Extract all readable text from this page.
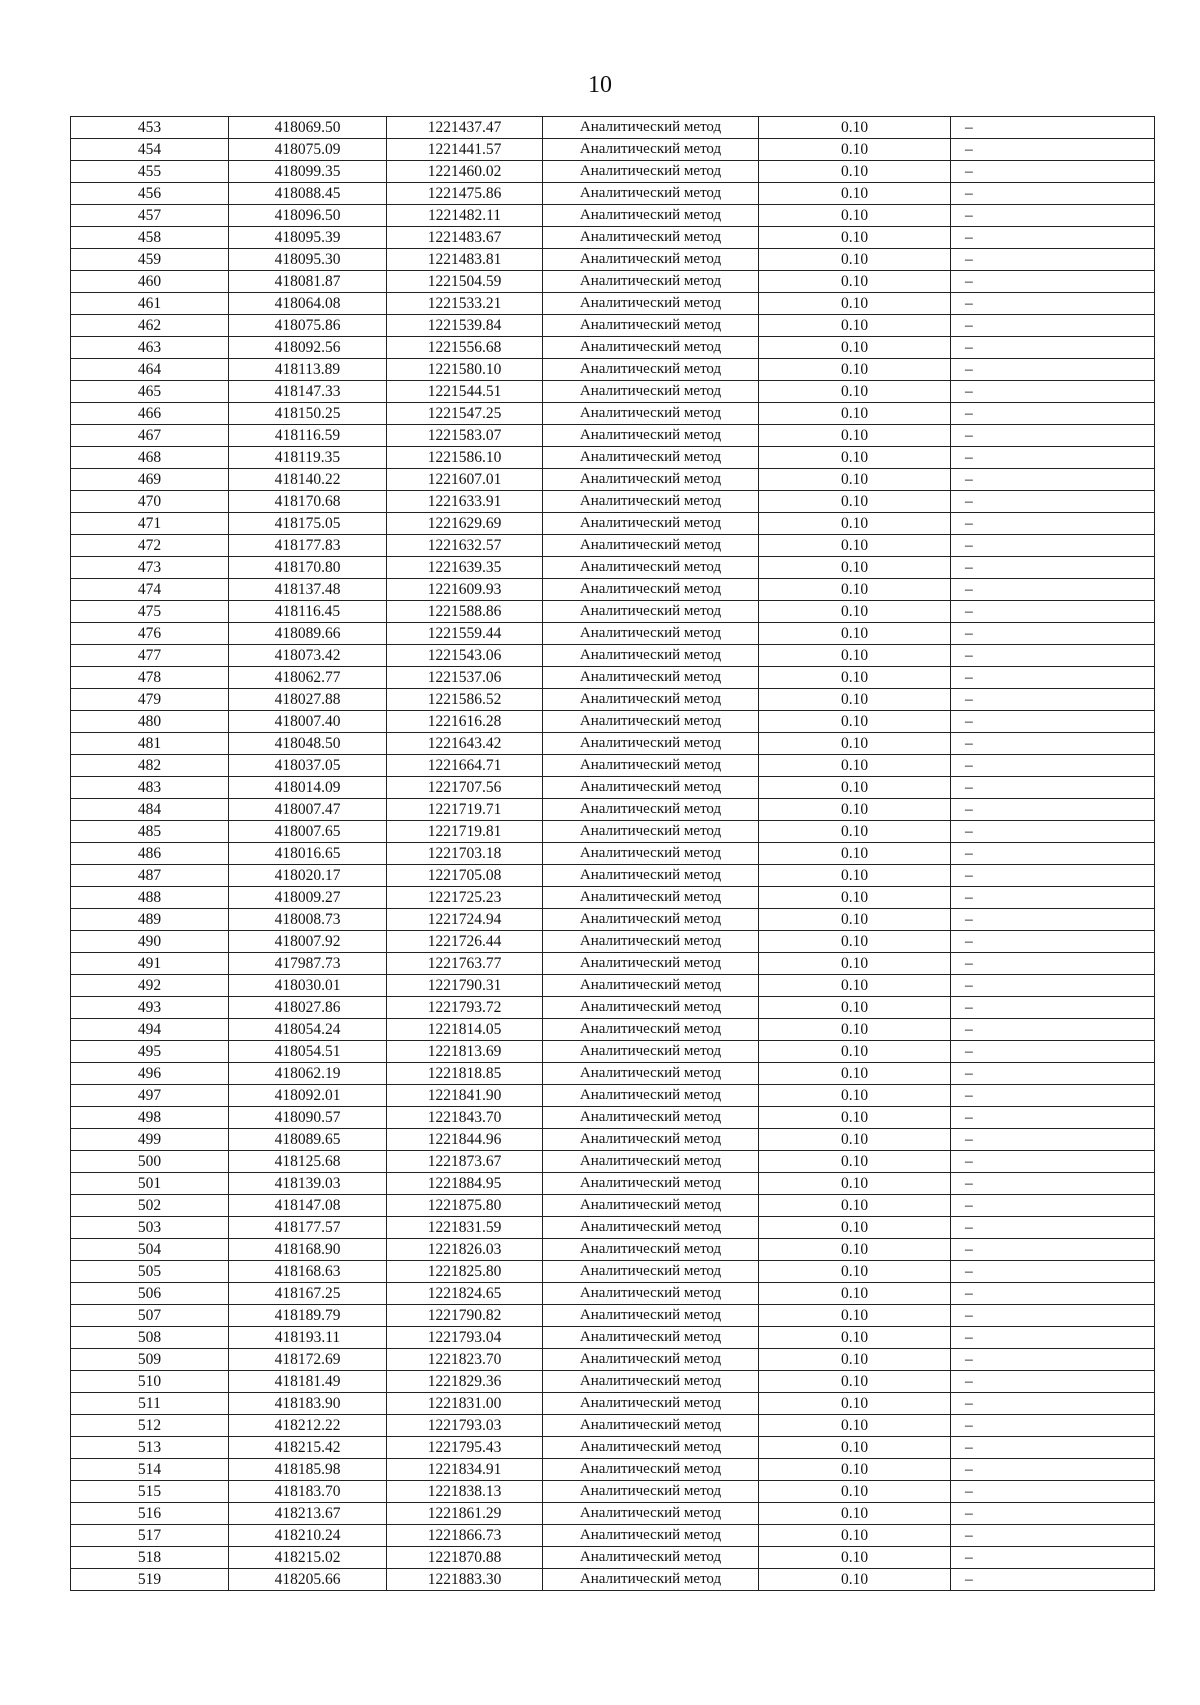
10
453	418069.50	1221437.47	Аналитический метод	0.10	–
454	418075.09	1221441.57	Аналитический метод	0.10	–
455	418099.35	1221460.02	Аналитический метод	0.10	–
456	418088.45	1221475.86	Аналитический метод	0.10	–
457	418096.50	1221482.11	Аналитический метод	0.10	–
458	418095.39	1221483.67	Аналитический метод	0.10	–
459	418095.30	1221483.81	Аналитический метод	0.10	–
460	418081.87	1221504.59	Аналитический метод	0.10	–
461	418064.08	1221533.21	Аналитический метод	0.10	–
462	418075.86	1221539.84	Аналитический метод	0.10	–
463	418092.56	1221556.68	Аналитический метод	0.10	–
464	418113.89	1221580.10	Аналитический метод	0.10	–
465	418147.33	1221544.51	Аналитический метод	0.10	–
466	418150.25	1221547.25	Аналитический метод	0.10	–
467	418116.59	1221583.07	Аналитический метод	0.10	–
468	418119.35	1221586.10	Аналитический метод	0.10	–
469	418140.22	1221607.01	Аналитический метод	0.10	–
470	418170.68	1221633.91	Аналитический метод	0.10	–
471	418175.05	1221629.69	Аналитический метод	0.10	–
472	418177.83	1221632.57	Аналитический метод	0.10	–
473	418170.80	1221639.35	Аналитический метод	0.10	–
474	418137.48	1221609.93	Аналитический метод	0.10	–
475	418116.45	1221588.86	Аналитический метод	0.10	–
476	418089.66	1221559.44	Аналитический метод	0.10	–
477	418073.42	1221543.06	Аналитический метод	0.10	–
478	418062.77	1221537.06	Аналитический метод	0.10	–
479	418027.88	1221586.52	Аналитический метод	0.10	–
480	418007.40	1221616.28	Аналитический метод	0.10	–
481	418048.50	1221643.42	Аналитический метод	0.10	–
482	418037.05	1221664.71	Аналитический метод	0.10	–
483	418014.09	1221707.56	Аналитический метод	0.10	–
484	418007.47	1221719.71	Аналитический метод	0.10	–
485	418007.65	1221719.81	Аналитический метод	0.10	–
486	418016.65	1221703.18	Аналитический метод	0.10	–
487	418020.17	1221705.08	Аналитический метод	0.10	–
488	418009.27	1221725.23	Аналитический метод	0.10	–
489	418008.73	1221724.94	Аналитический метод	0.10	–
490	418007.92	1221726.44	Аналитический метод	0.10	–
491	417987.73	1221763.77	Аналитический метод	0.10	–
492	418030.01	1221790.31	Аналитический метод	0.10	–
493	418027.86	1221793.72	Аналитический метод	0.10	–
494	418054.24	1221814.05	Аналитический метод	0.10	–
495	418054.51	1221813.69	Аналитический метод	0.10	–
496	418062.19	1221818.85	Аналитический метод	0.10	–
497	418092.01	1221841.90	Аналитический метод	0.10	–
498	418090.57	1221843.70	Аналитический метод	0.10	–
499	418089.65	1221844.96	Аналитический метод	0.10	–
500	418125.68	1221873.67	Аналитический метод	0.10	–
501	418139.03	1221884.95	Аналитический метод	0.10	–
502	418147.08	1221875.80	Аналитический метод	0.10	–
503	418177.57	1221831.59	Аналитический метод	0.10	–
504	418168.90	1221826.03	Аналитический метод	0.10	–
505	418168.63	1221825.80	Аналитический метод	0.10	–
506	418167.25	1221824.65	Аналитический метод	0.10	–
507	418189.79	1221790.82	Аналитический метод	0.10	–
508	418193.11	1221793.04	Аналитический метод	0.10	–
509	418172.69	1221823.70	Аналитический метод	0.10	–
510	418181.49	1221829.36	Аналитический метод	0.10	–
511	418183.90	1221831.00	Аналитический метод	0.10	–
512	418212.22	1221793.03	Аналитический метод	0.10	–
513	418215.42	1221795.43	Аналитический метод	0.10	–
514	418185.98	1221834.91	Аналитический метод	0.10	–
515	418183.70	1221838.13	Аналитический метод	0.10	–
516	418213.67	1221861.29	Аналитический метод	0.10	–
517	418210.24	1221866.73	Аналитический метод	0.10	–
518	418215.02	1221870.88	Аналитический метод	0.10	–
519	418205.66	1221883.30	Аналитический метод	0.10	–
